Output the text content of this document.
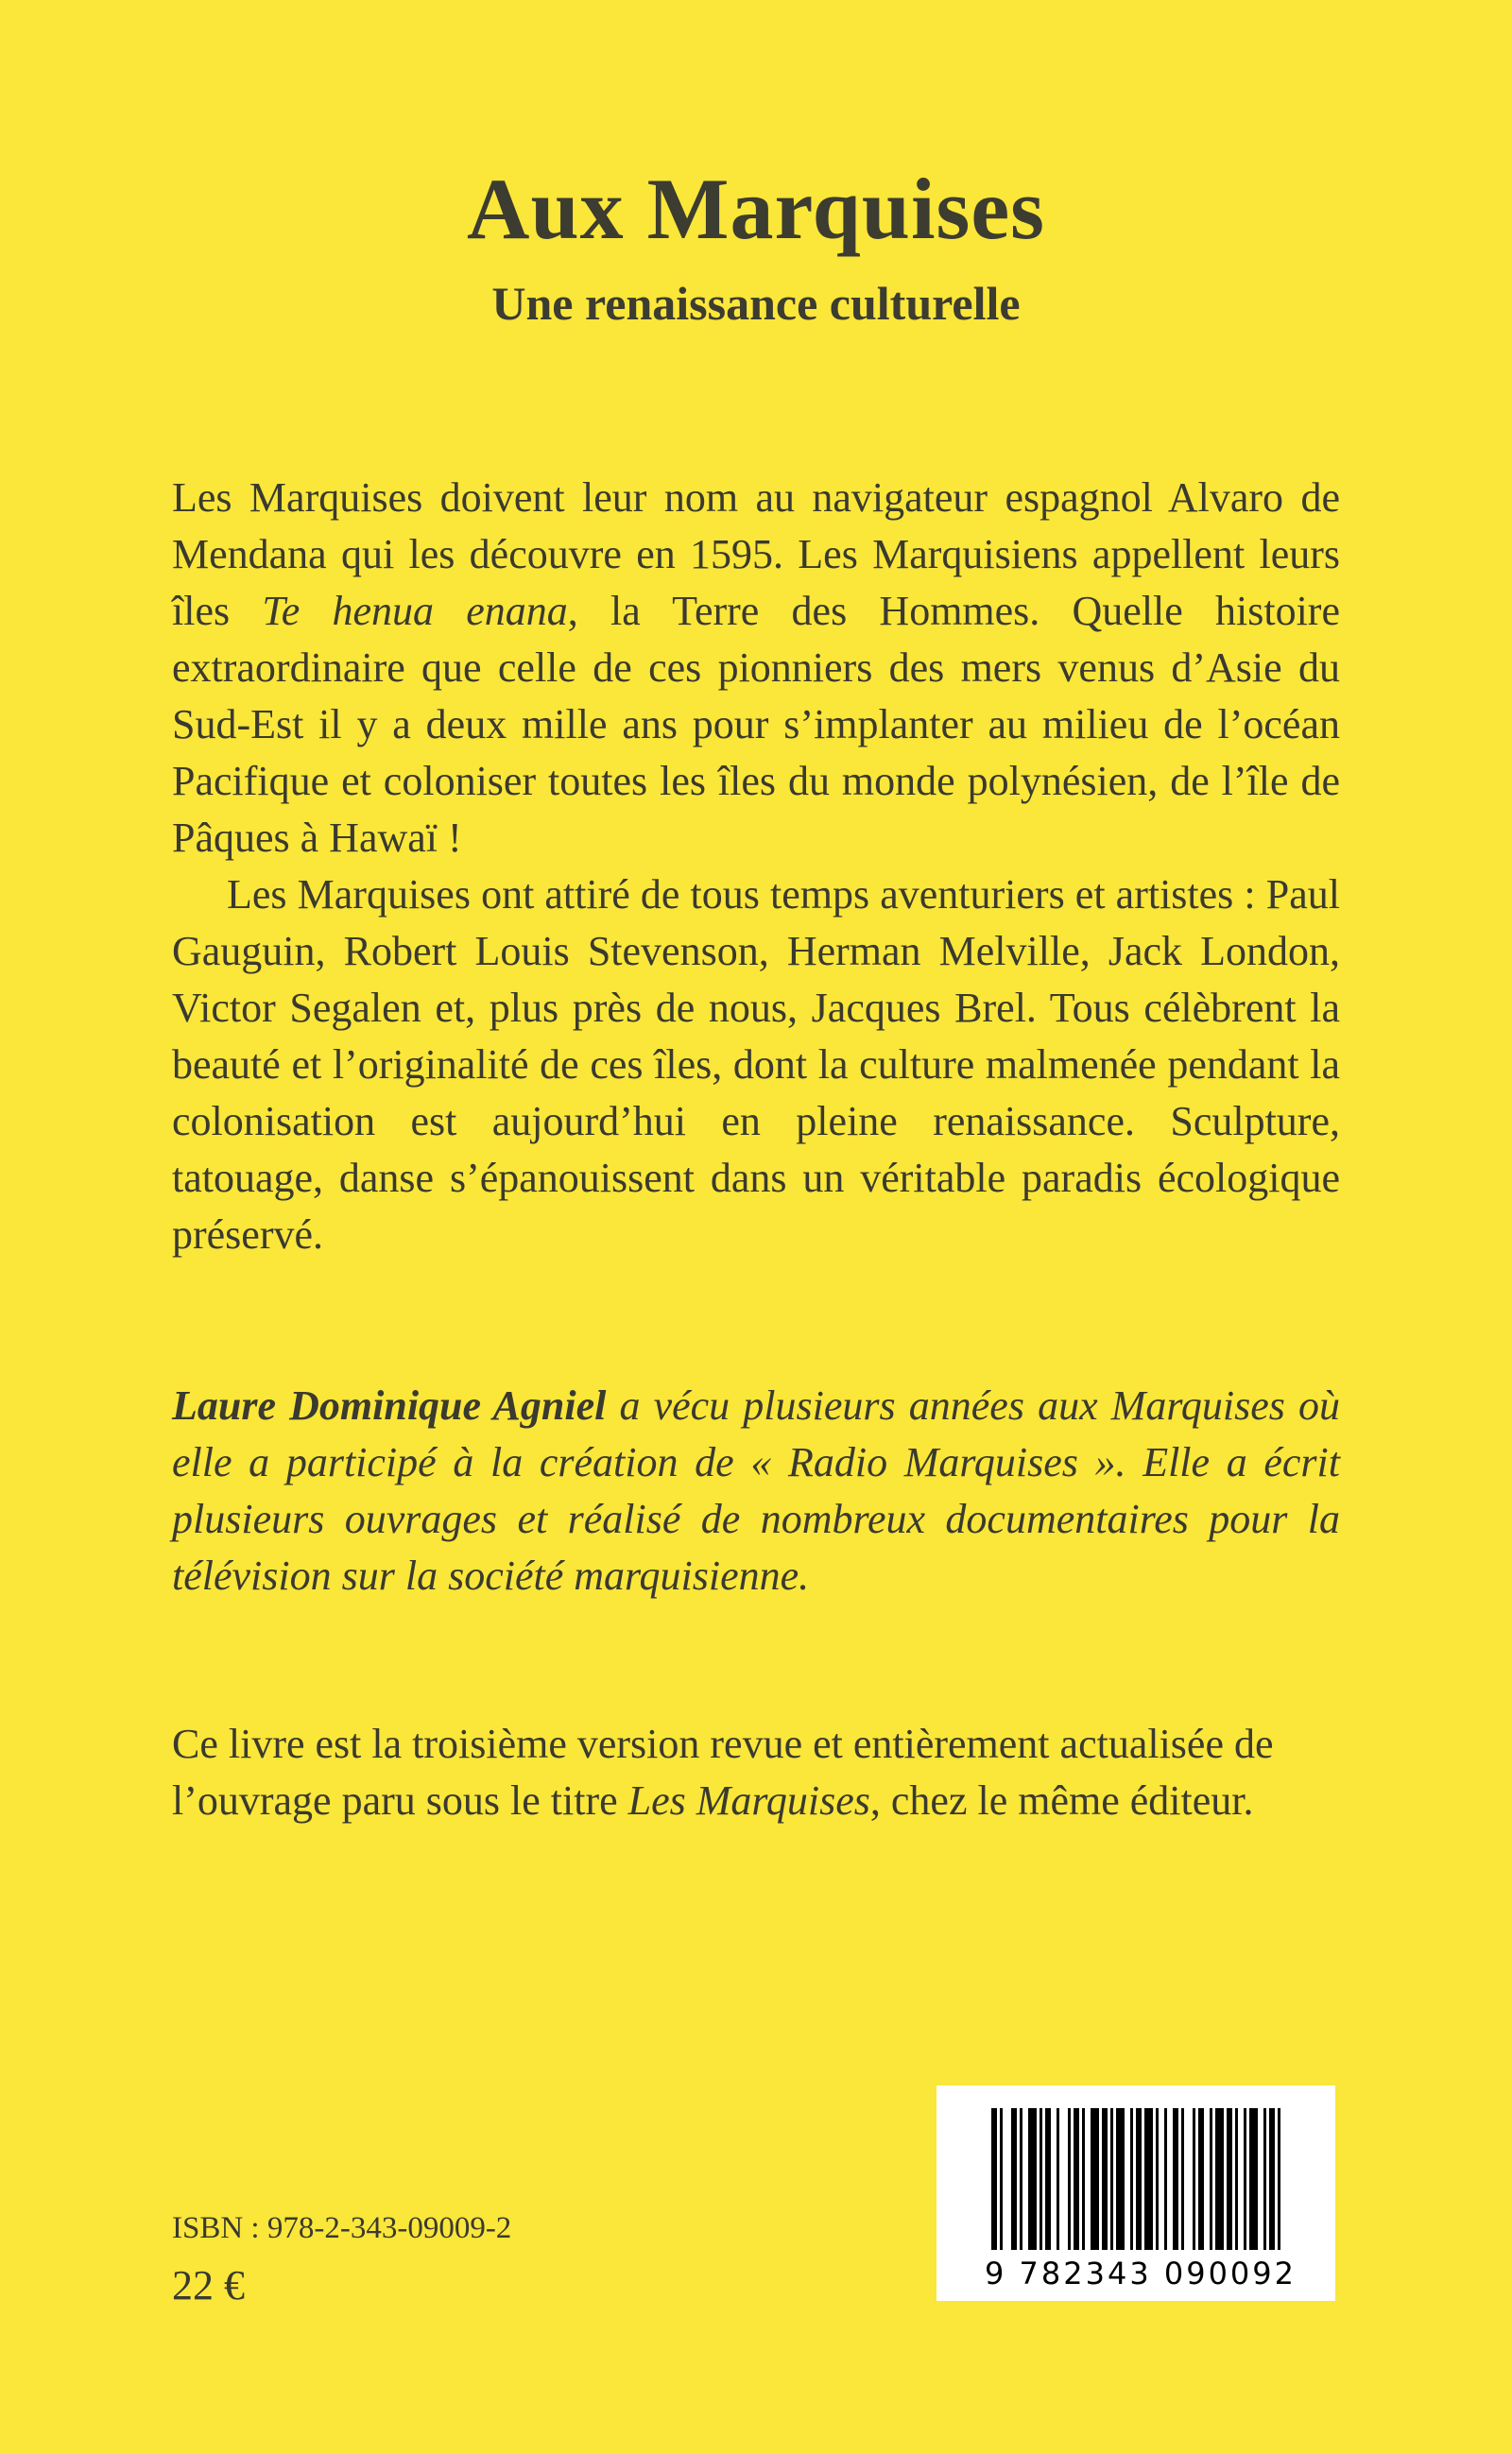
Aux Marquises
Une renaissance culturelle

Les Marquises doivent leur nom au navigateur espagnol Alvaro de Mendana qui les découvre en 1595. Les Marquisiens appellent leurs îles Te henua enana, la Terre des Hommes. Quelle histoire extraordinaire que celle de ces pionniers des mers venus d’Asie du Sud-Est il y a deux mille ans pour s’implanter au milieu de l’océan Pacifique et coloniser toutes les îles du monde polynésien, de l’île de Pâques à Hawaï !

Les Marquises ont attiré de tous temps aventuriers et artistes : Paul Gauguin, Robert Louis Stevenson, Herman Melville, Jack London, Victor Segalen et, plus près de nous, Jacques Brel. Tous célèbrent la beauté et l’originalité de ces îles, dont la culture malmenée pendant la colonisation est aujourd’hui en pleine renaissance. Sculpture, tatouage, danse s’épanouissent dans un véritable paradis écologique préservé.

Laure Dominique Agniel a vécu plusieurs années aux Marquises où elle a participé à la création de « Radio Marquises ». Elle a écrit plusieurs ouvrages et réalisé de nombreux documentaires pour la télévision sur la société marquisienne.

Ce livre est la troisième version revue et entièrement actualisée de l’ouvrage paru sous le titre Les Marquises, chez le même éditeur.

ISBN : 978-2-343-09009-2
22 €	9 782343 090092
